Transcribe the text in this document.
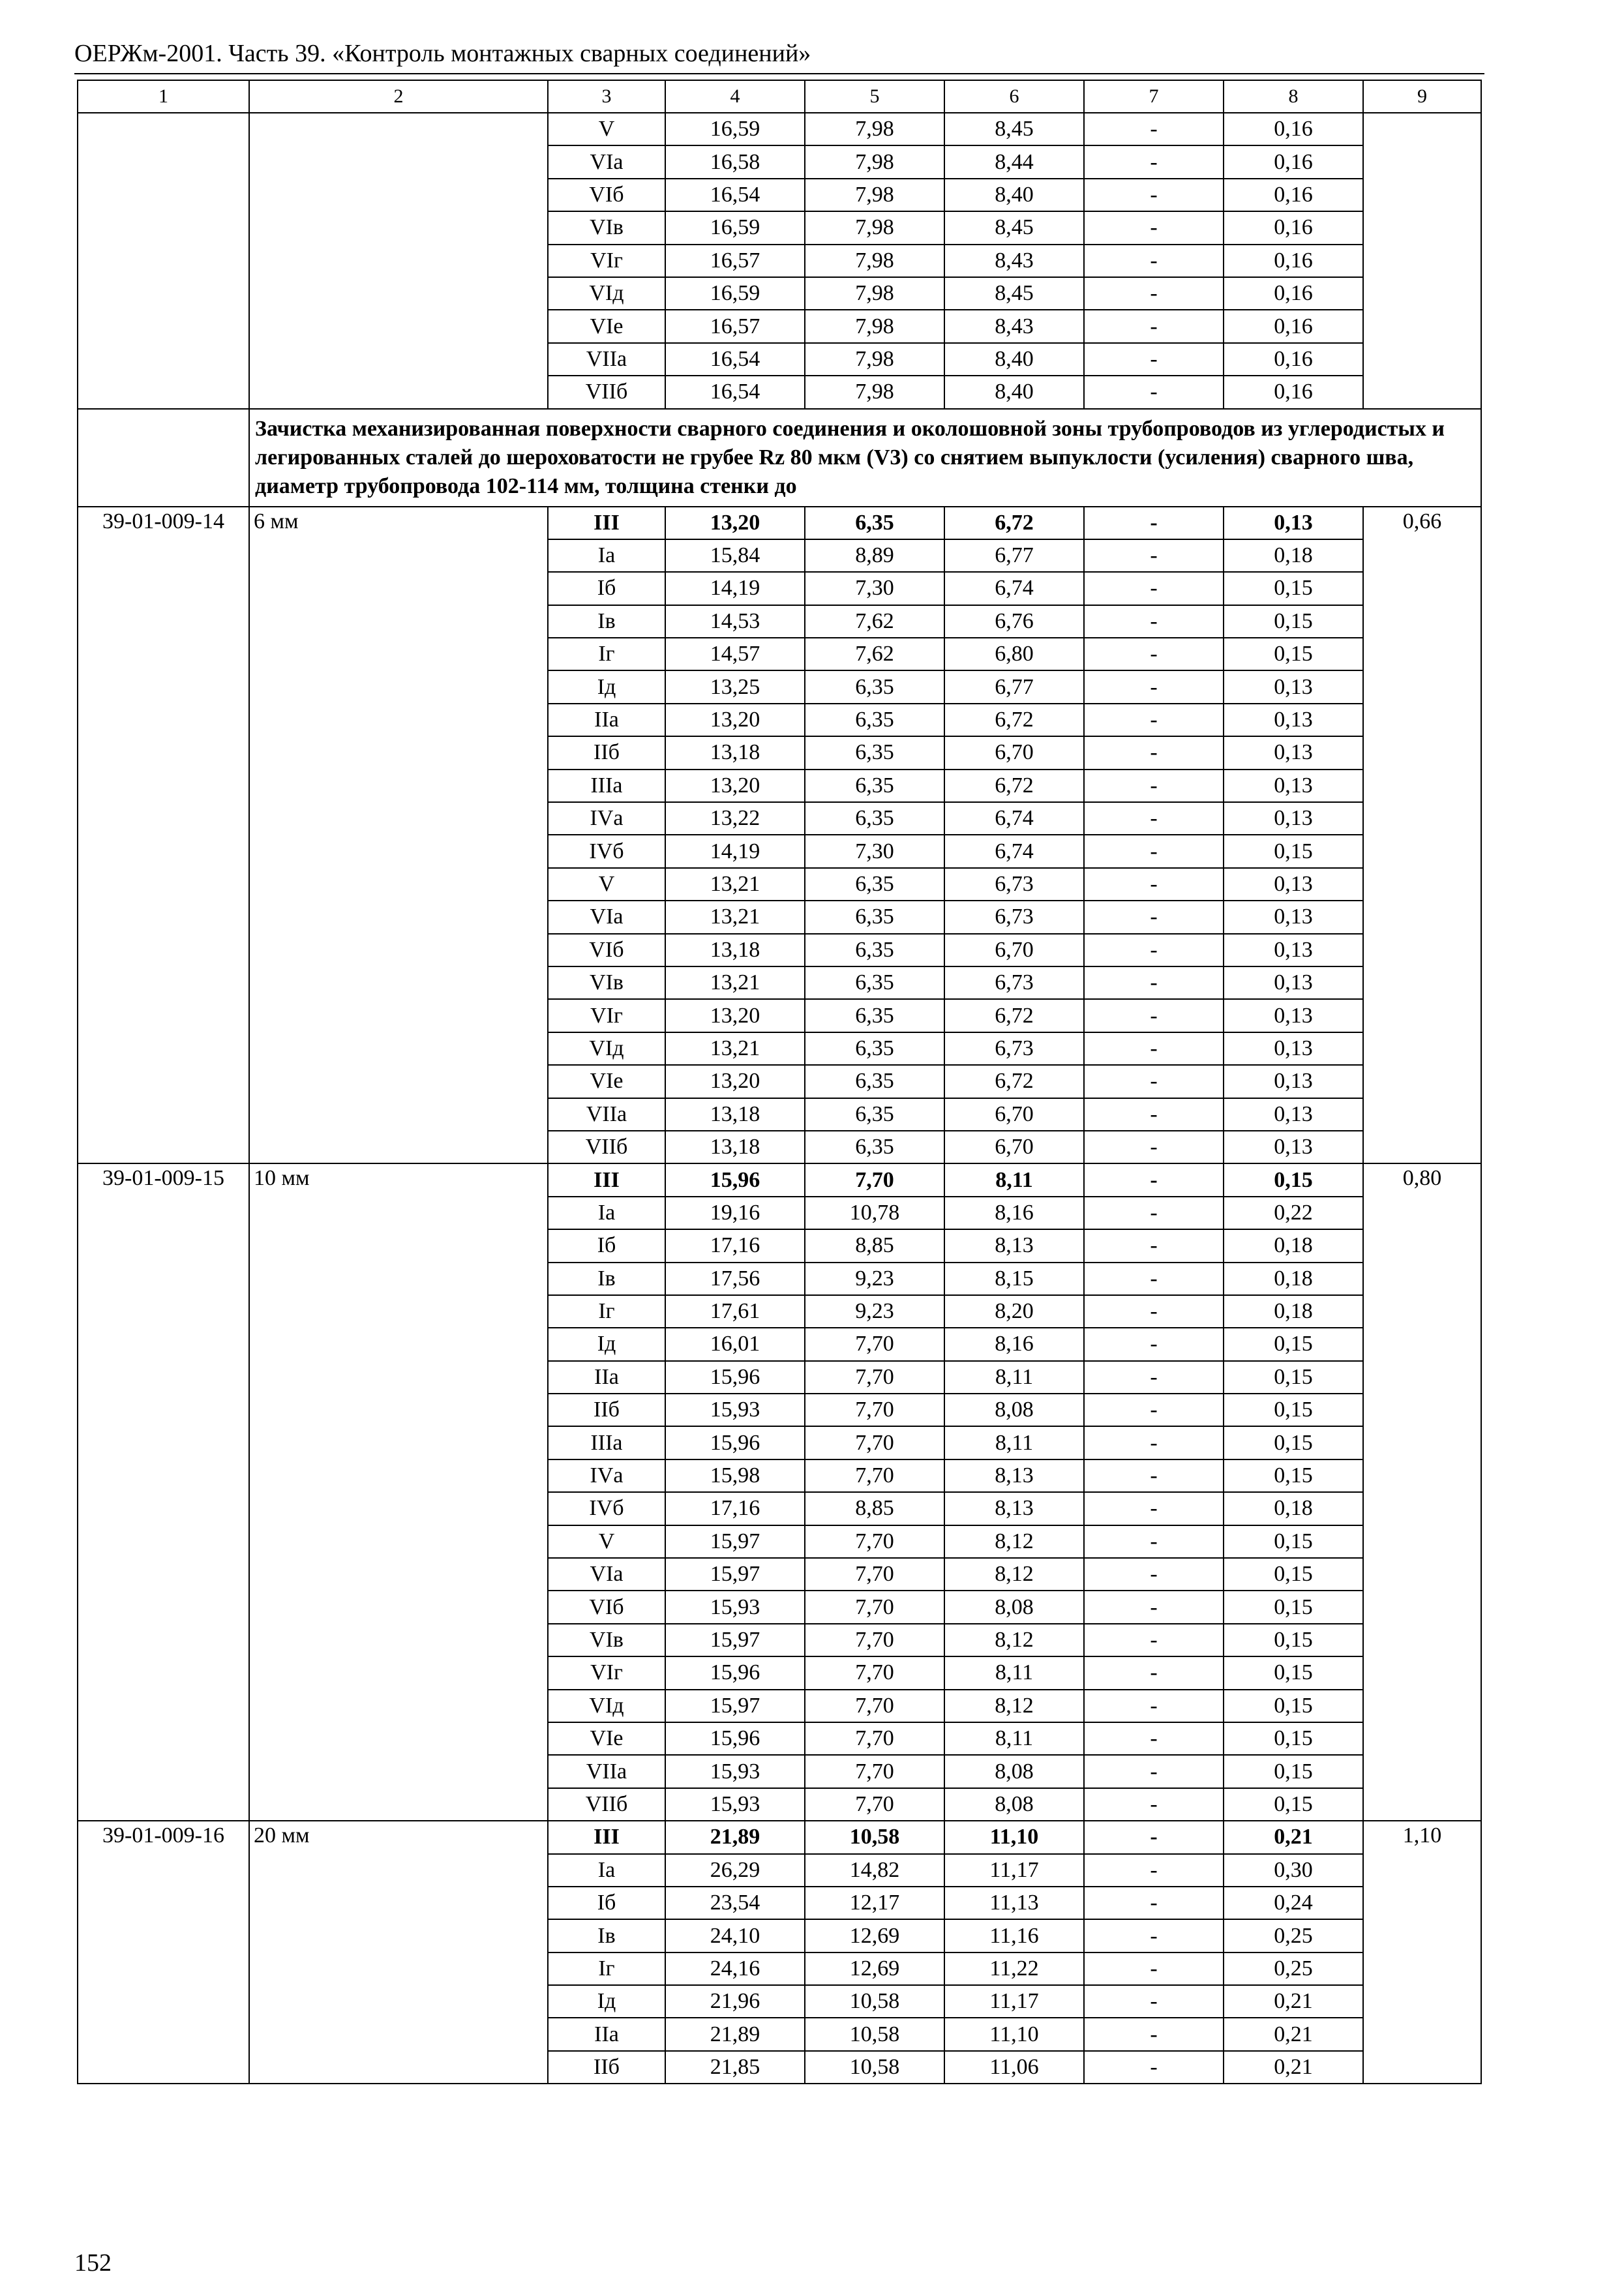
ОЕРЖм-2001. Часть 39. «Контроль монтажных сварных соединений»
1	2	3	4	5	6	7	8	9
		V	16,59	7,98	8,45	-	0,16	
		VIа	16,58	7,98	8,44	-	0,16	
		VIб	16,54	7,98	8,40	-	0,16	
		VIв	16,59	7,98	8,45	-	0,16	
		VIг	16,57	7,98	8,43	-	0,16	
		VIд	16,59	7,98	8,45	-	0,16	
		VIе	16,57	7,98	8,43	-	0,16	
		VIIа	16,54	7,98	8,40	-	0,16	
		VIIб	16,54	7,98	8,40	-	0,16	
	Зачистка механизированная поверхности сварного соединения и околошовной зоны трубопроводов из углеродистых и легированных сталей до шероховатости не грубее Rz 80 мкм (V3) со снятием выпуклости (усиления) сварного шва, диаметр трубопровода 102-114 мм, толщина стенки до							
39-01-009-14	6 мм	III	13,20	6,35	6,72	-	0,13	0,66
		Iа	15,84	8,89	6,77	-	0,18	
		Iб	14,19	7,30	6,74	-	0,15	
		Iв	14,53	7,62	6,76	-	0,15	
		Iг	14,57	7,62	6,80	-	0,15	
		Iд	13,25	6,35	6,77	-	0,13	
		IIа	13,20	6,35	6,72	-	0,13	
		IIб	13,18	6,35	6,70	-	0,13	
		IIIа	13,20	6,35	6,72	-	0,13	
		IVа	13,22	6,35	6,74	-	0,13	
		IVб	14,19	7,30	6,74	-	0,15	
		V	13,21	6,35	6,73	-	0,13	
		VIа	13,21	6,35	6,73	-	0,13	
		VIб	13,18	6,35	6,70	-	0,13	
		VIв	13,21	6,35	6,73	-	0,13	
		VIг	13,20	6,35	6,72	-	0,13	
		VIд	13,21	6,35	6,73	-	0,13	
		VIе	13,20	6,35	6,72	-	0,13	
		VIIа	13,18	6,35	6,70	-	0,13	
		VIIб	13,18	6,35	6,70	-	0,13	
39-01-009-15	10 мм	III	15,96	7,70	8,11	-	0,15	0,80
		Iа	19,16	10,78	8,16	-	0,22	
		Iб	17,16	8,85	8,13	-	0,18	
		Iв	17,56	9,23	8,15	-	0,18	
		Iг	17,61	9,23	8,20	-	0,18	
		Iд	16,01	7,70	8,16	-	0,15	
		IIа	15,96	7,70	8,11	-	0,15	
		IIб	15,93	7,70	8,08	-	0,15	
		IIIа	15,96	7,70	8,11	-	0,15	
		IVа	15,98	7,70	8,13	-	0,15	
		IVб	17,16	8,85	8,13	-	0,18	
		V	15,97	7,70	8,12	-	0,15	
		VIа	15,97	7,70	8,12	-	0,15	
		VIб	15,93	7,70	8,08	-	0,15	
		VIв	15,97	7,70	8,12	-	0,15	
		VIг	15,96	7,70	8,11	-	0,15	
		VIд	15,97	7,70	8,12	-	0,15	
		VIе	15,96	7,70	8,11	-	0,15	
		VIIа	15,93	7,70	8,08	-	0,15	
		VIIб	15,93	7,70	8,08	-	0,15	
39-01-009-16	20 мм	III	21,89	10,58	11,10	-	0,21	1,10
		Iа	26,29	14,82	11,17	-	0,30	
		Iб	23,54	12,17	11,13	-	0,24	
		Iв	24,10	12,69	11,16	-	0,25	
		Iг	24,16	12,69	11,22	-	0,25	
		Iд	21,96	10,58	11,17	-	0,21	
		IIа	21,89	10,58	11,10	-	0,21	
		IIб	21,85	10,58	11,06	-	0,21	
152
